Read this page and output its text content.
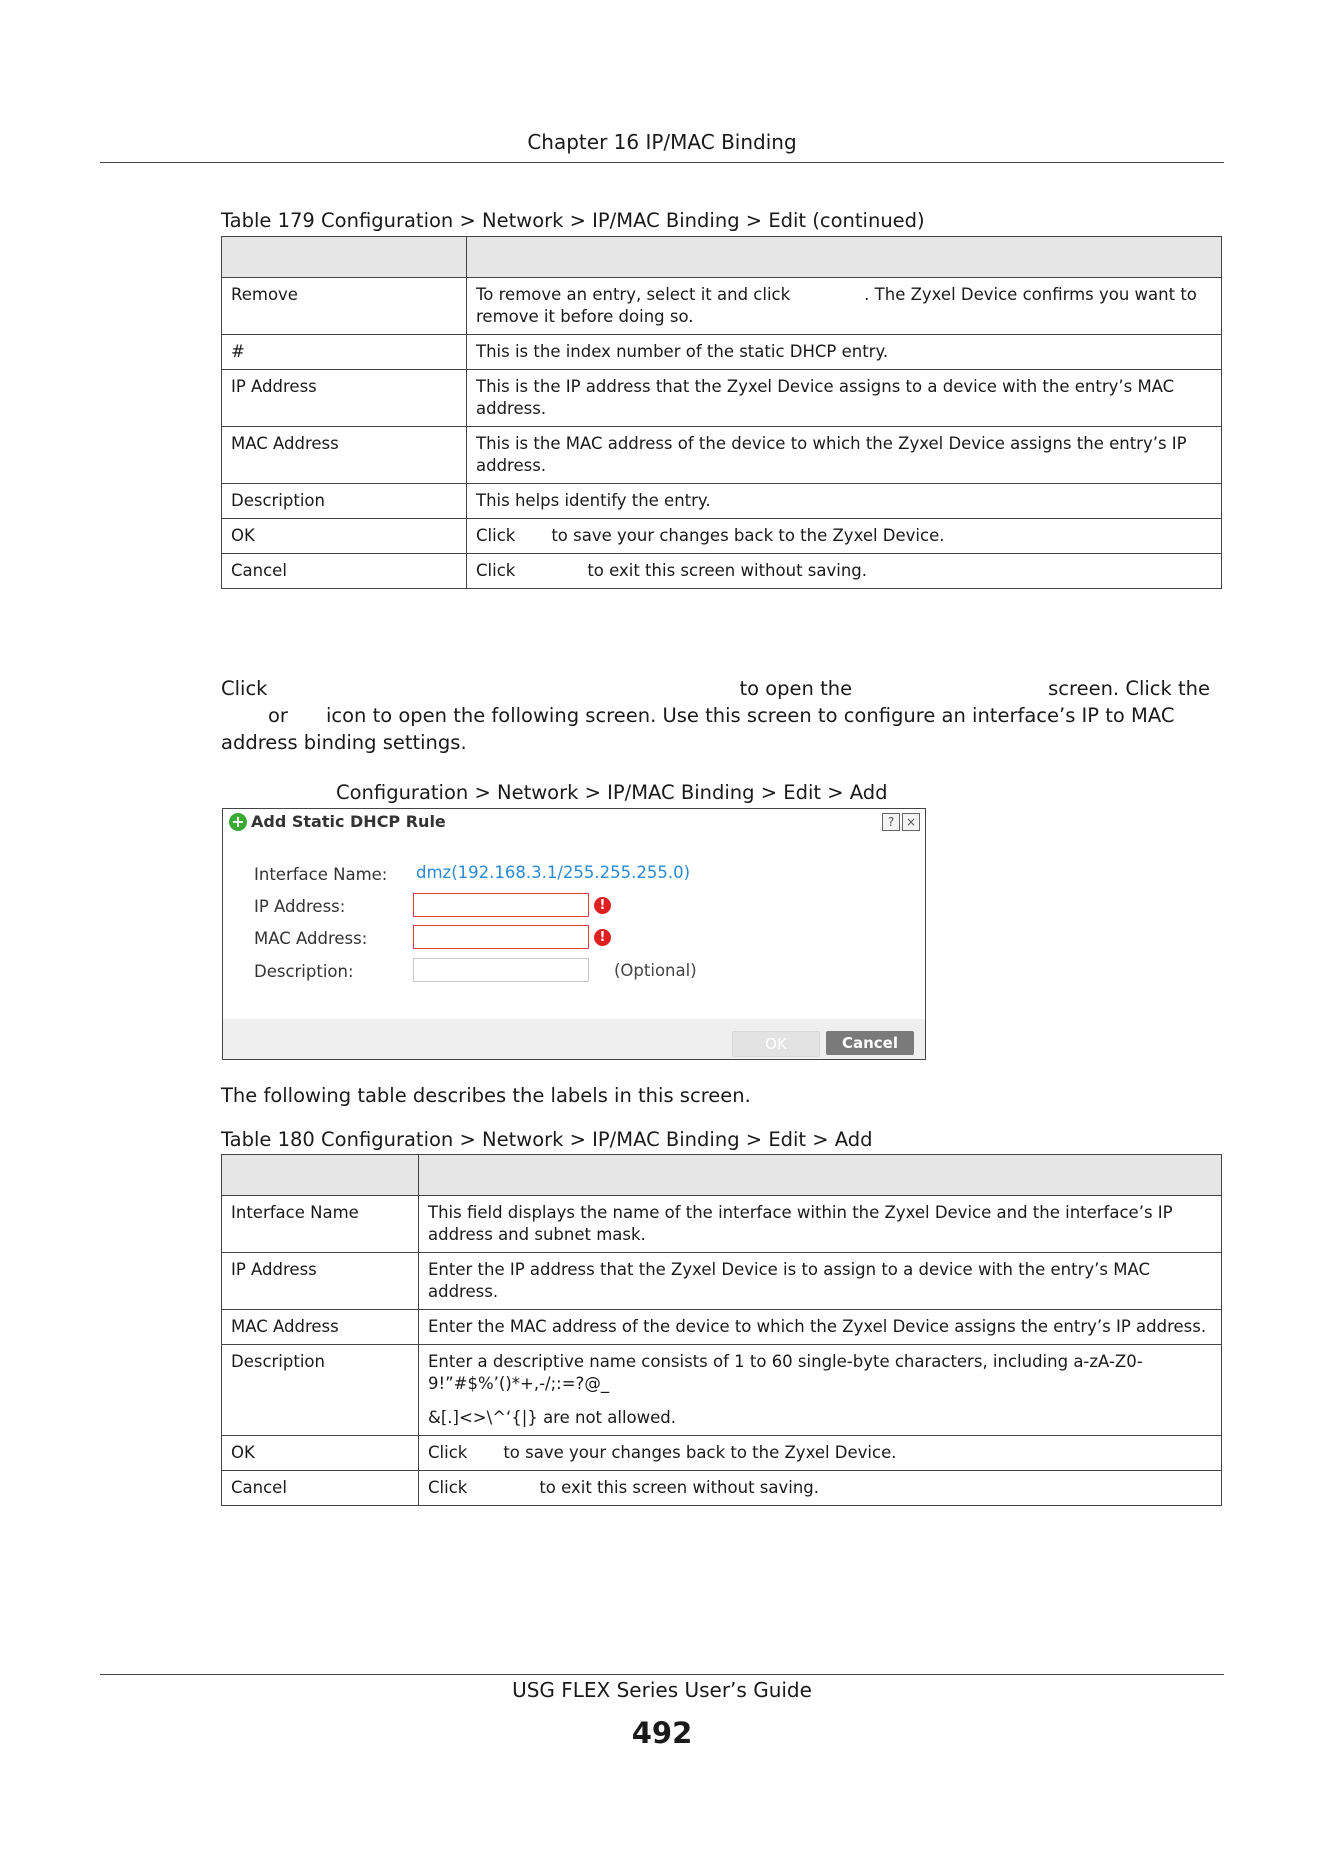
Chapter 16 IP/MAC Binding
Table 179 Configuration > Network > IP/MAC Binding > Edit (continued)

Remove	To remove an entry, select it and click . The Zyxel Device confirms you want to remove it before doing so.
#	This is the index number of the static DHCP entry.
IP Address	This is the IP address that the Zyxel Device assigns to a device with the entry’s MAC address.
MAC Address	This is the MAC address of the device to which the Zyxel Device assigns the entry’s IP address.
Description	This helps identify the entry.
OK	Click to save your changes back to the Zyxel Device.
Cancel	Click to exit this screen without saving.
Click	to open the	screen. Click the
or icon to open the following screen. Use this screen to configure an interface’s IP to MAC
address binding settings.
Configuration > Network > IP/MAC Binding > Edit > Add
+ Add Static DHCP Rule	? ×
Interface Name: dmz(192.168.3.1/255.255.255.0)
IP Address:	!
MAC Address:	!
Description:	(Optional)
OK	Cancel
The following table describes the labels in this screen.
Table 180 Configuration > Network > IP/MAC Binding > Edit > Add

Interface Name	This field displays the name of the interface within the Zyxel Device and the interface’s IP address and subnet mask.
IP Address	Enter the IP address that the Zyxel Device is to assign to a device with the entry’s MAC address.
MAC Address	Enter the MAC address of the device to which the Zyxel Device assigns the entry’s IP address.
Description	Enter a descriptive name consists of 1 to 60 single-byte characters, including a-zA-Z0-9!”#$%’()*+,-/;:=?@_

&[.]<>\^‘{|} are not allowed.

OK	Click to save your changes back to the Zyxel Device.
Cancel	Click to exit this screen without saving.
USG FLEX Series User’s Guide
492
